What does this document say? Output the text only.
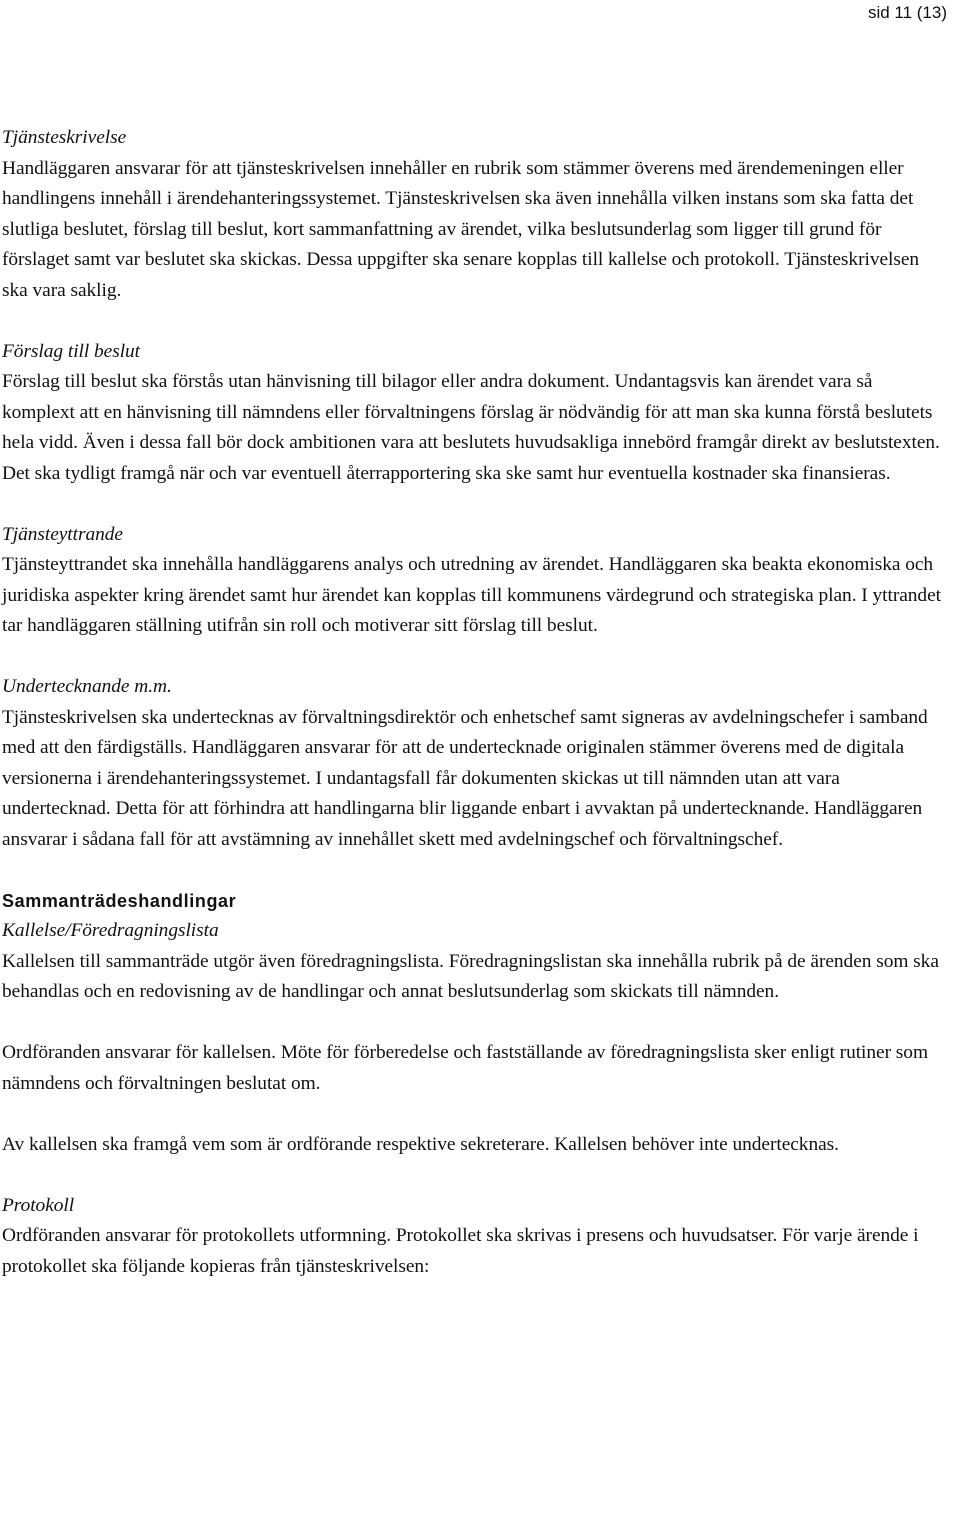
sid 11 (13)
Tjänsteskrivelse
Handläggaren ansvarar för att tjänsteskrivelsen innehåller en rubrik som stämmer överens med ärendemeningen eller handlingens innehåll i ärendehanteringssystemet. Tjänsteskrivelsen ska även innehålla vilken instans som ska fatta det slutliga beslutet, förslag till beslut, kort sammanfattning av ärendet, vilka beslutsunderlag som ligger till grund för förslaget samt var beslutet ska skickas. Dessa uppgifter ska senare kopplas till kallelse och protokoll. Tjänsteskrivelsen ska vara saklig.
Förslag till beslut
Förslag till beslut ska förstås utan hänvisning till bilagor eller andra dokument. Undantagsvis kan ärendet vara så komplext att en hänvisning till nämndens eller förvaltningens förslag är nödvändig för att man ska kunna förstå beslutets hela vidd. Även i dessa fall bör dock ambitionen vara att beslutets huvudsakliga innebörd framgår direkt av beslutstexten. Det ska tydligt framgå när och var eventuell återrapportering ska ske samt hur eventuella kostnader ska finansieras.
Tjänsteyttrande
Tjänsteyttrandet ska innehålla handläggarens analys och utredning av ärendet. Handläggaren ska beakta ekonomiska och juridiska aspekter kring ärendet samt hur ärendet kan kopplas till kommunens värdegrund och strategiska plan. I yttrandet tar handläggaren ställning utifrån sin roll och motiverar sitt förslag till beslut.
Undertecknande m.m.
Tjänsteskrivelsen ska undertecknas av förvaltningsdirektör och enhetschef samt signeras av avdelningschefer i samband med att den färdigställs. Handläggaren ansvarar för att de undertecknade originalen stämmer överens med de digitala versionerna i ärendehanteringssystemet. I undantagsfall får dokumenten skickas ut till nämnden utan att vara undertecknad. Detta för att förhindra att handlingarna blir liggande enbart i avvaktan på undertecknande. Handläggaren ansvarar i sådana fall för att avstämning av innehållet skett med avdelningschef och förvaltningschef.
Sammanträdeshandlingar
Kallelse/Föredragningslista
Kallelsen till sammanträde utgör även föredragningslista. Föredragningslistan ska innehålla rubrik på de ärenden som ska behandlas och en redovisning av de handlingar och annat beslutsunderlag som skickats till nämnden.
Ordföranden ansvarar för kallelsen. Möte för förberedelse och fastställande av föredragningslista sker enligt rutiner som nämndens och förvaltningen beslutat om.
Av kallelsen ska framgå vem som är ordförande respektive sekreterare. Kallelsen behöver inte undertecknas.
Protokoll
Ordföranden ansvarar för protokollets utformning. Protokollet ska skrivas i presens och huvudsatser. För varje ärende i protokollet ska följande kopieras från tjänsteskrivelsen:
